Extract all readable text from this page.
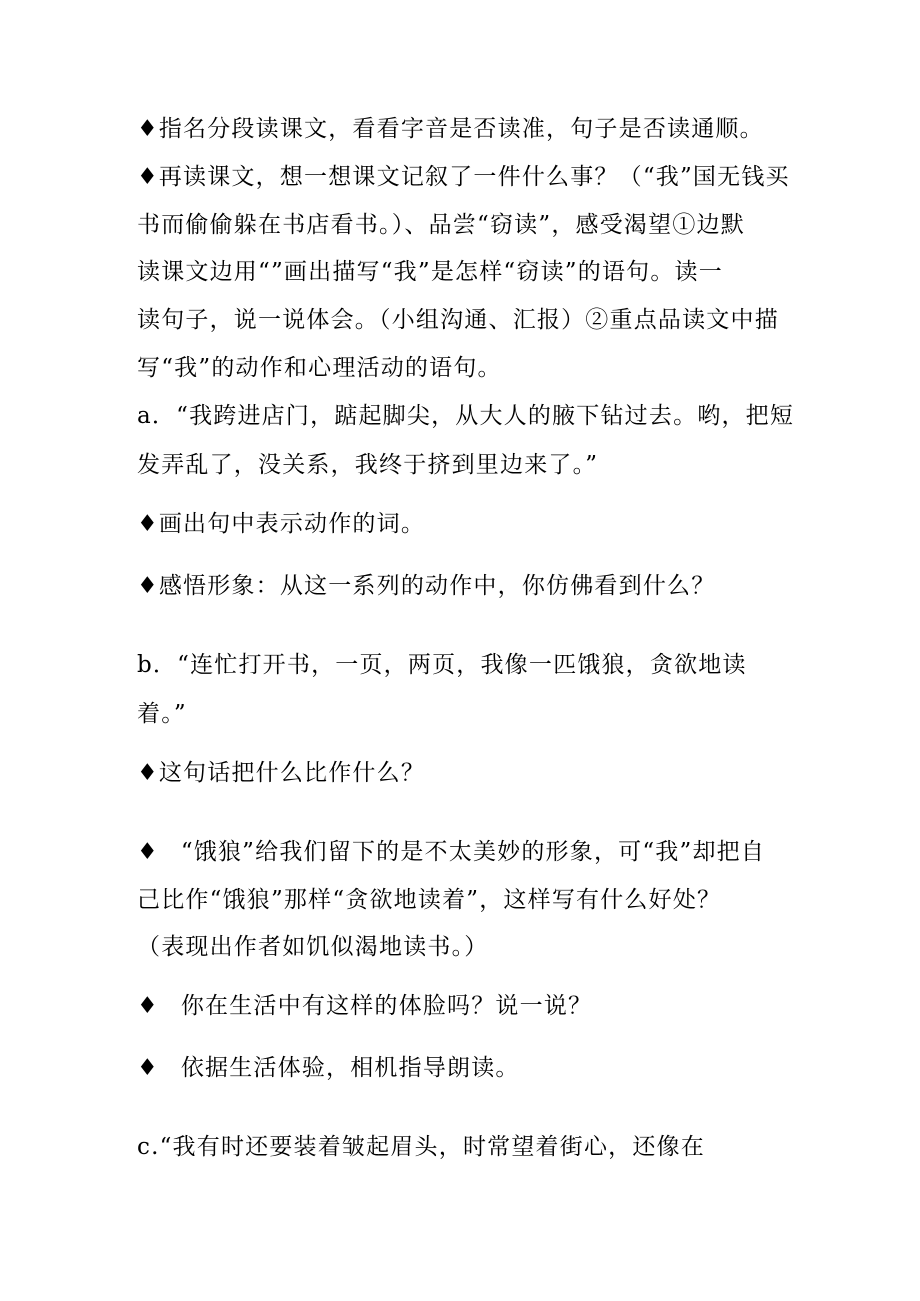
♦指名分段读课文，看看字音是否读准，句子是否读通顺。

♦再读课文，想一想课文记叙了一件什么事？（“我”国无钱买

书而偷偷躲在书店看书。）、品尝“窃读”，感受渴望①边默

读课文边用“”画出描写“我”是怎样“窃读”的语句。读一

读句子，说一说体会。（小组沟通、汇报）②重点品读文中描

写“我”的动作和心理活动的语句。

a．“我跨进店门，踮起脚尖，从大人的腋下钻过去。哟，把短

发弄乱了，没关系，我终于挤到里边来了。”

♦画出句中表示动作的词。

♦感悟形象：从这一系列的动作中，你仿佛看到什么？

b．“连忙打开书，一页，两页，我像一匹饿狼，贪欲地读

着。”

♦这句话把什么比作什么？

♦ “饿狼”给我们留下的是不太美妙的形象，可“我”却把自

己比作“饿狼”那样“贪欲地读着”，这样写有什么好处？

（表现出作者如饥似渴地读书。）

♦ 你在生活中有这样的体脸吗？说一说？

♦ 依据生活体验，相机指导朗读。

c.“我有时还要装着皱起眉头，时常望着街心，还像在
